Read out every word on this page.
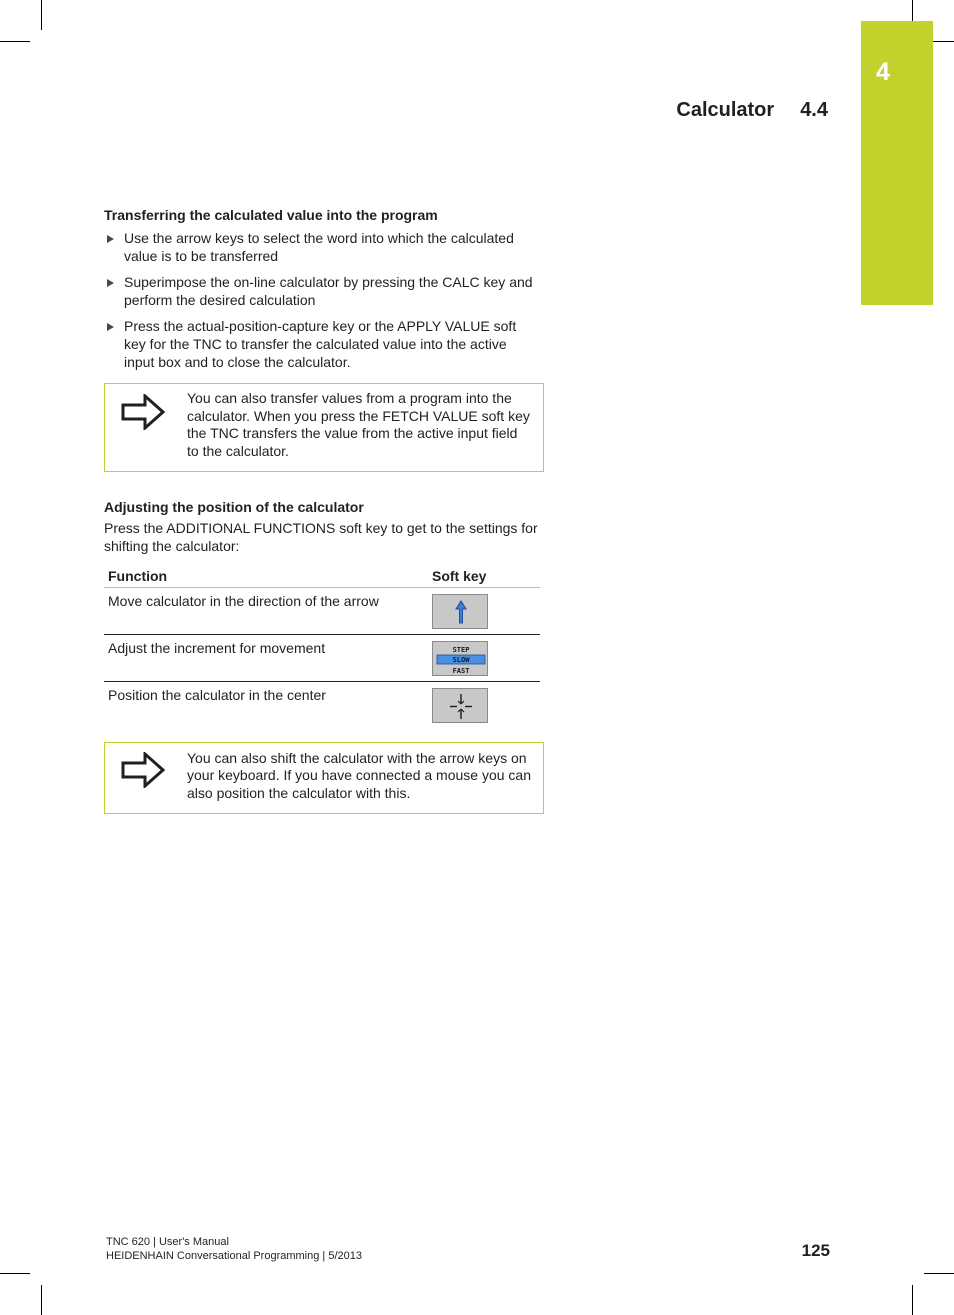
4
Calculator 4.4
Transferring the calculated value into the program
Use the arrow keys to select the word into which the calculated value is to be transferred
Superimpose the on-line calculator by pressing the CALC key and perform the desired calculation
Press the actual-position-capture key or the APPLY VALUE soft key for the TNC to transfer the calculated value into the active input box and to close the calculator.
You can also transfer values from a program into the calculator. When you press the FETCH VALUE soft key the TNC transfers the value from the active input field to the calculator.
Adjusting the position of the calculator

Press the ADDITIONAL FUNCTIONS soft key to get to the settings for shifting the calculator:

Function	Soft key
Move calculator in the direction of the arrow	

Adjust the increment for movement	STEP
SLOW
FAST

Position the calculator in the center	
You can also shift the calculator with the arrow keys on your keyboard. If you have connected a mouse you can also position the calculator with this.
TNC 620 | User's Manual
HEIDENHAIN Conversational Programming | 5/2013	125
